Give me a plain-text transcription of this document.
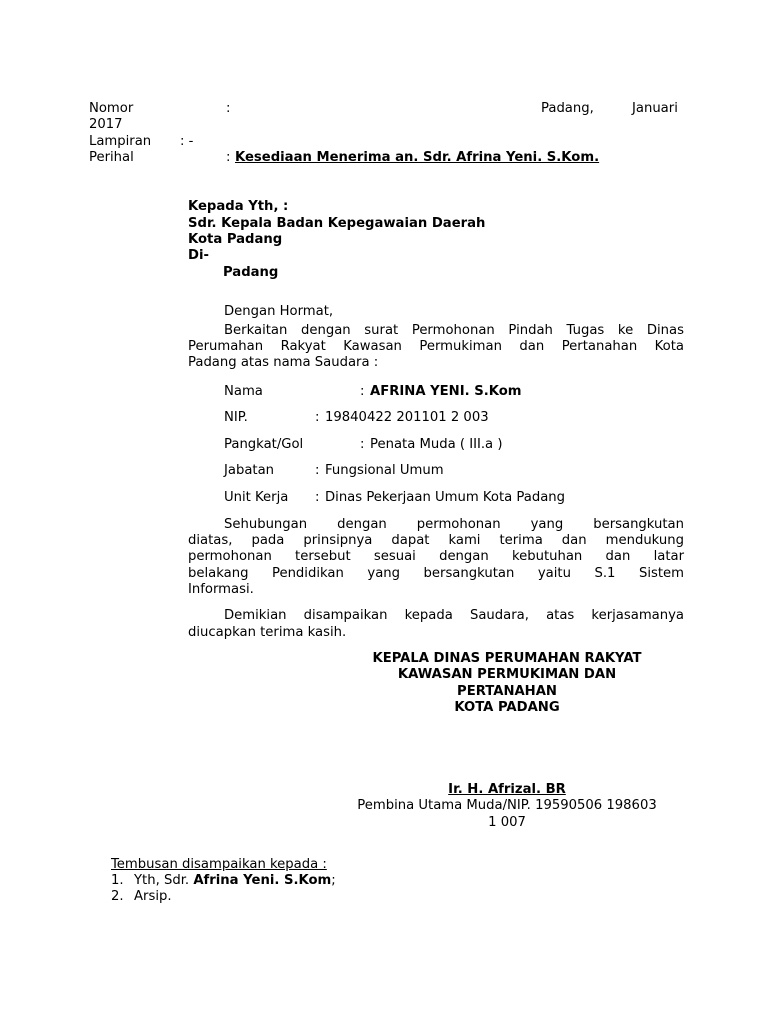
Nomor	:	Padang,	Januari
2017
Lampiran : -
Perihal	: Kesediaan Menerima an. Sdr. Afrina Yeni. S.Kom.
Kepada Yth, :
Sdr. Kepala Badan Kepegawaian Daerah
Kota Padang
Di-
Padang
Dengan Hormat,
Berkaitan dengan surat Permohonan Pindah Tugas ke Dinas
Perumahan Rakyat Kawasan Permukiman dan Pertanahan Kota
Padang atas nama Saudara :
Nama	: AFRINA YENI. S.Kom
NIP.	: 19840422 201101 2 003
Pangkat/Gol	: Penata Muda ( III.a )
Jabatan	: Fungsional Umum
Unit Kerja : Dinas Pekerjaan Umum Kota Padang
Sehubungan dengan permohonan yang bersangkutan
diatas, pada prinsipnya dapat kami terima dan mendukung
permohonan tersebut sesuai dengan kebutuhan dan latar
belakang Pendidikan yang bersangkutan yaitu S.1 Sistem
Informasi.
Demikian disampaikan kepada Saudara, atas kerjasamanya
diucapkan terima kasih.
KEPALA DINAS PERUMAHAN RAKYAT
KAWASAN PERMUKIMAN DAN
PERTANAHAN
KOTA PADANG
Ir. H. Afrizal. BR
Pembina Utama Muda/NIP. 19590506 198603
1 007
Tembusan disampaikan kepada :
1. Yth, Sdr. Afrina Yeni. S.Kom;
2. Arsip.
